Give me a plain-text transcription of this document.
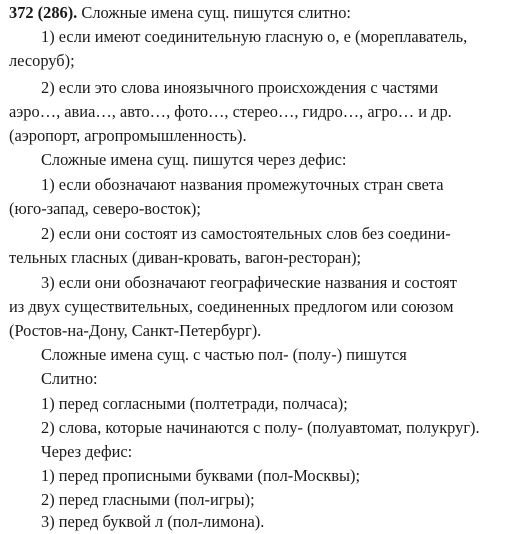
372 (286). Сложные имена сущ. пишутся слитно:
1) если имеют соединительную гласную о, е (мореплаватель,
лесоруб);
2) если это слова иноязычного происхождения с частями
аэро…, авиа…, авто…, фото…, стерео…, гидро…, агро… и др.
(аэропорт, агропромышленность).
Сложные имена сущ. пишутся через дефис:
1) если обозначают названия промежуточных стран света
(юго-запад, северо-восток);
2) если они состоят из самостоятельных слов без соедини-
тельных гласных (диван-кровать, вагон-ресторан);
3) если они обозначают географические названия и состоят
из двух существительных, соединенных предлогом или союзом
(Ростов-на-Дону, Санкт-Петербург).
Сложные имена сущ. с частью пол- (полу-) пишутся
Слитно:
1) перед согласными (полтетради, полчаса);
2) слова, которые начинаются с полу- (полуавтомат, полукруг).
Через дефис:
1) перед прописными буквами (пол-Москвы);
2) перед гласными (пол-игры);
3) перед буквой л (пол-лимона).
